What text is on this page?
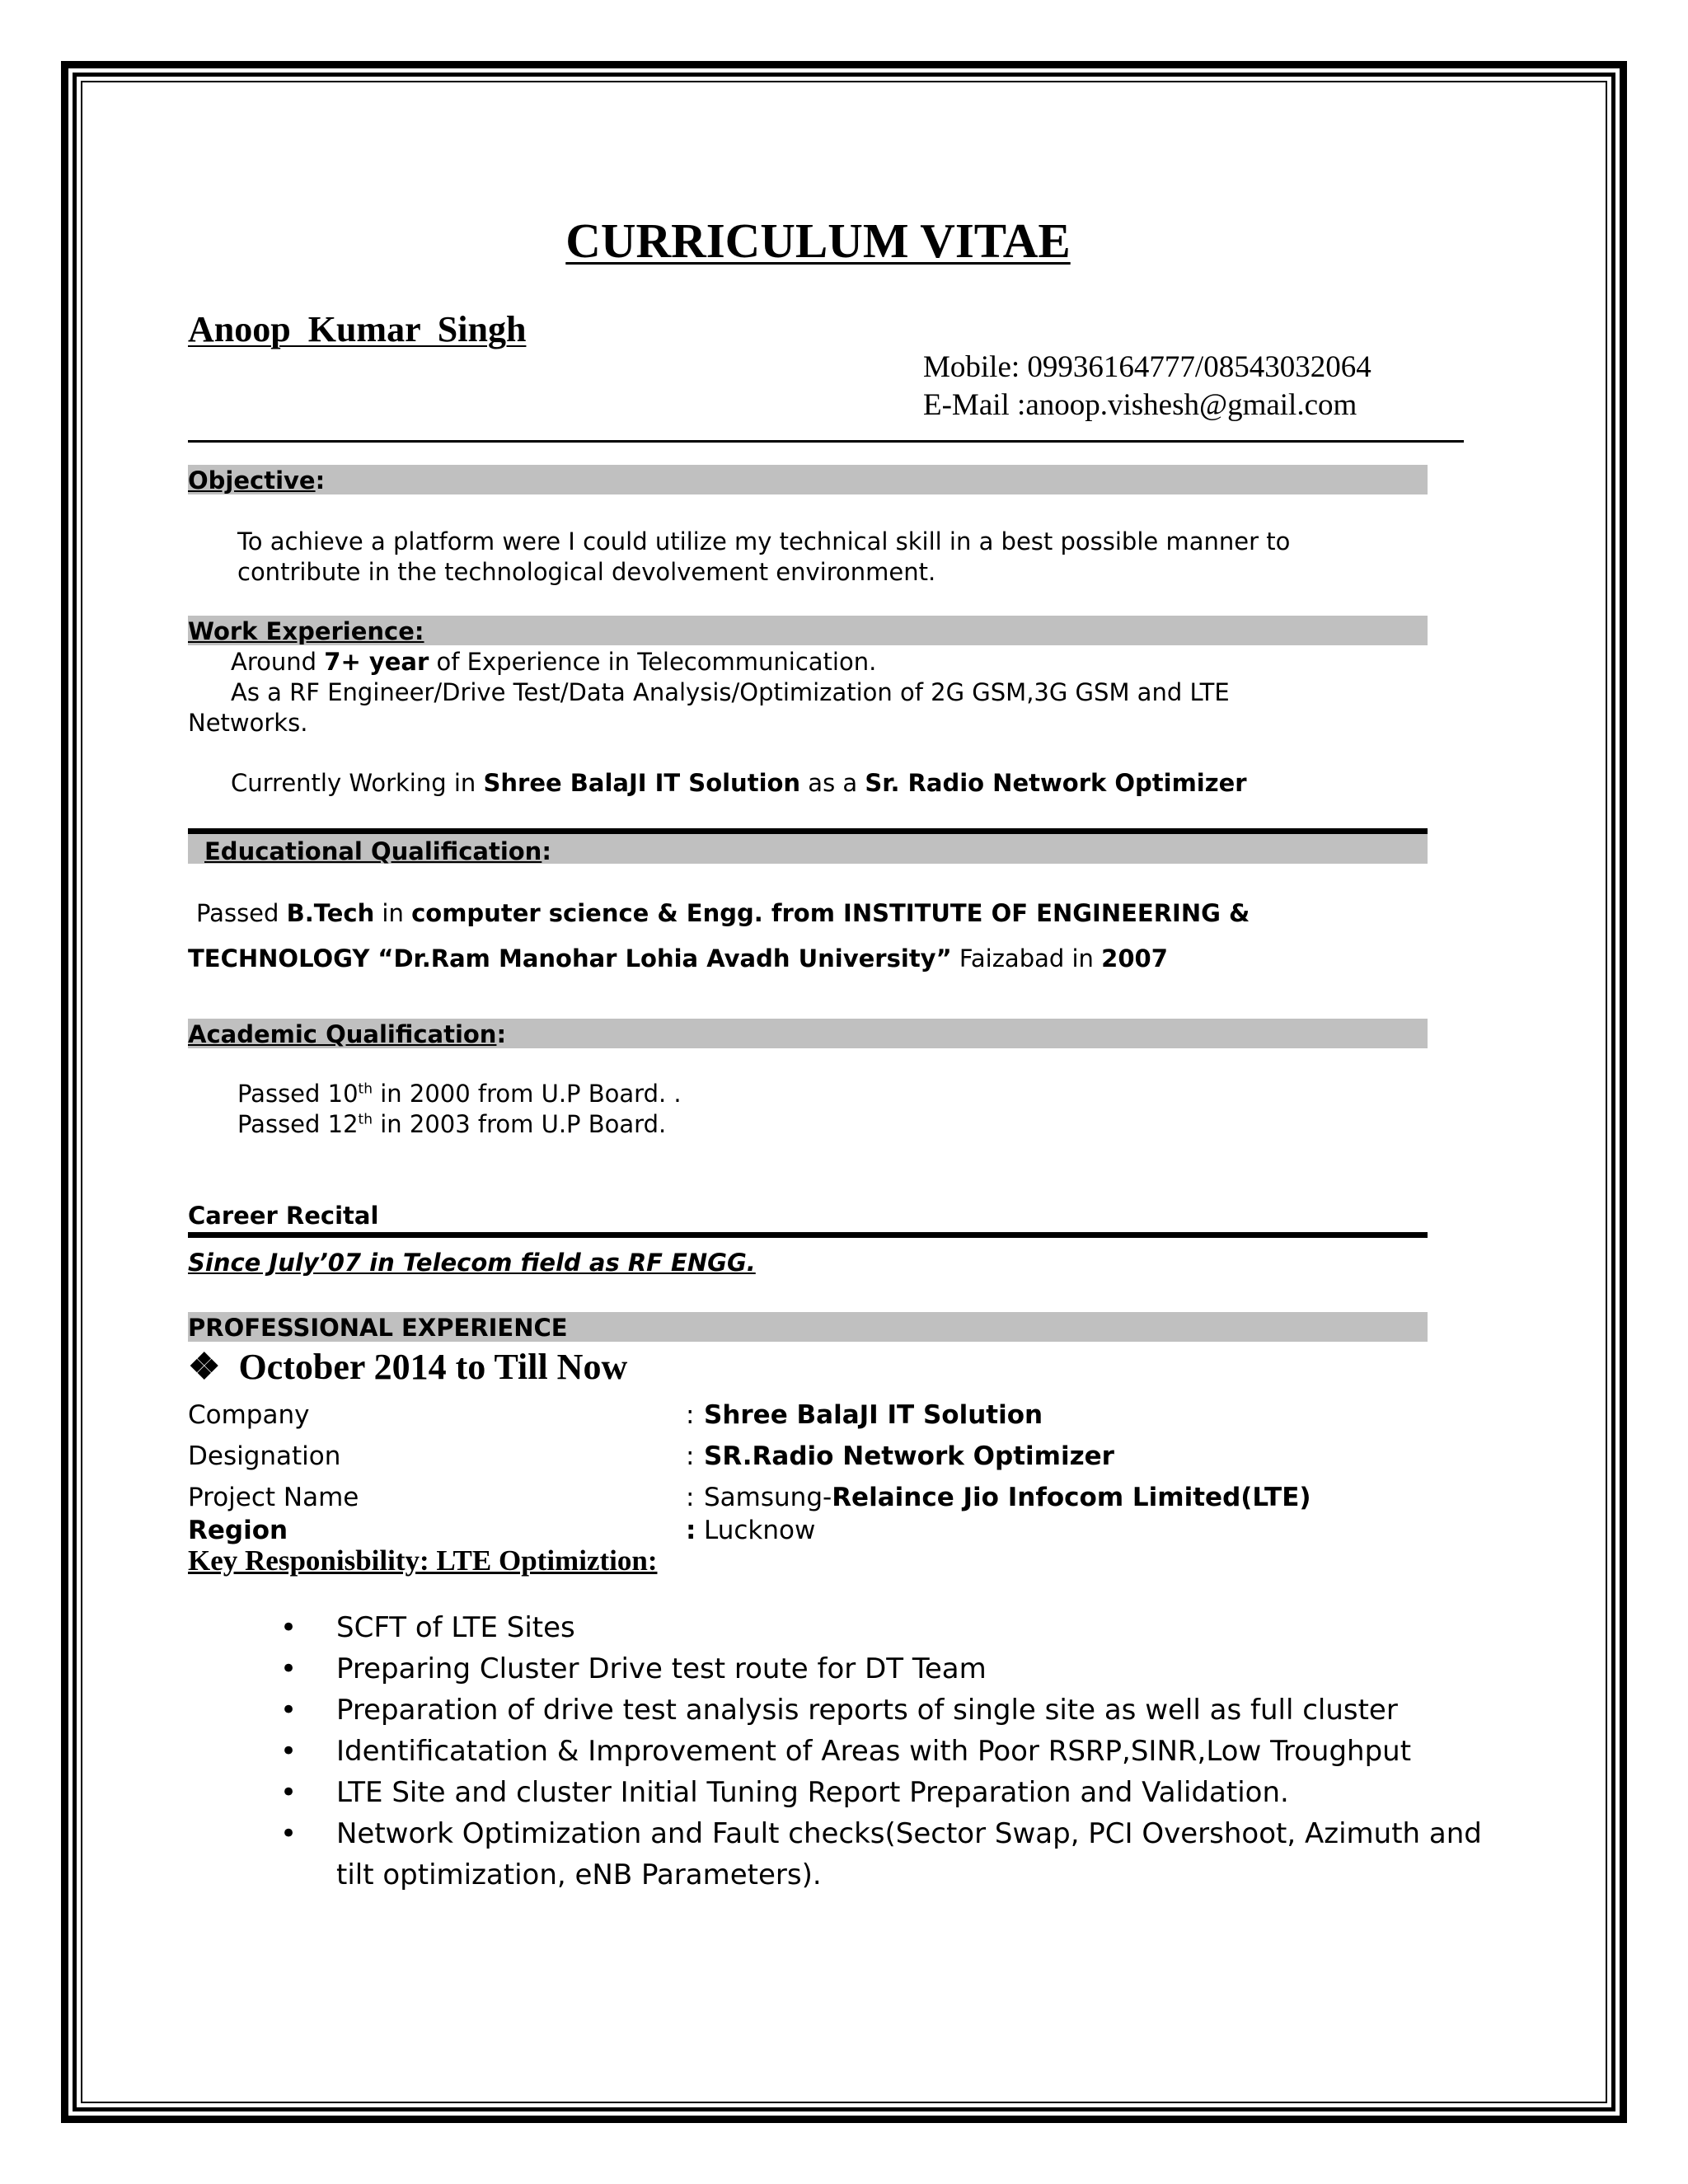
CURRICULUM VITAE
Anoop Kumar Singh
Mobile: 09936164777/08543032064
E-Mail :anoop.vishesh@gmail.com
Objective:
To achieve a platform were I could utilize my technical skill in a best possible manner to
contribute in the technological devolvement environment.
Work Experience:
Around 7+ year of Experience in Telecommunication.
As a RF Engineer/Drive Test/Data Analysis/Optimization of 2G GSM,3G GSM and LTE
Networks.
Currently Working in Shree BalaJI IT Solution as a Sr. Radio Network Optimizer
Educational Qualification:
Passed B.Tech in computer science & Engg. from INSTITUTE OF ENGINEERING &
TECHNOLOGY “Dr.Ram Manohar Lohia Avadh University” Faizabad in 2007
Academic Qualification:
Passed 10th in 2000 from U.P Board. .
Passed 12th in 2003 from U.P Board.
Career Recital
Since July’07 in Telecom field as RF ENGG.
PROFESSIONAL EXPERIENCE
❖ October 2014 to Till Now
Company	: Shree BalaJI IT Solution
Designation	: SR.Radio Network Optimizer
Project Name	: Samsung-Relaince Jio Infocom Limited(LTE)
Region	: Lucknow
Key Responisbility: LTE Optimiztion:
• SCFT of LTE Sites
• Preparing Cluster Drive test route for DT Team
• Preparation of drive test analysis reports of single site as well as full cluster
• Identificatation & Improvement of Areas with Poor RSRP,SINR,Low Troughput
• LTE Site and cluster Initial Tuning Report Preparation and Validation.
• Network Optimization and Fault checks(Sector Swap, PCI Overshoot, Azimuth and tilt optimization, eNB Parameters).
